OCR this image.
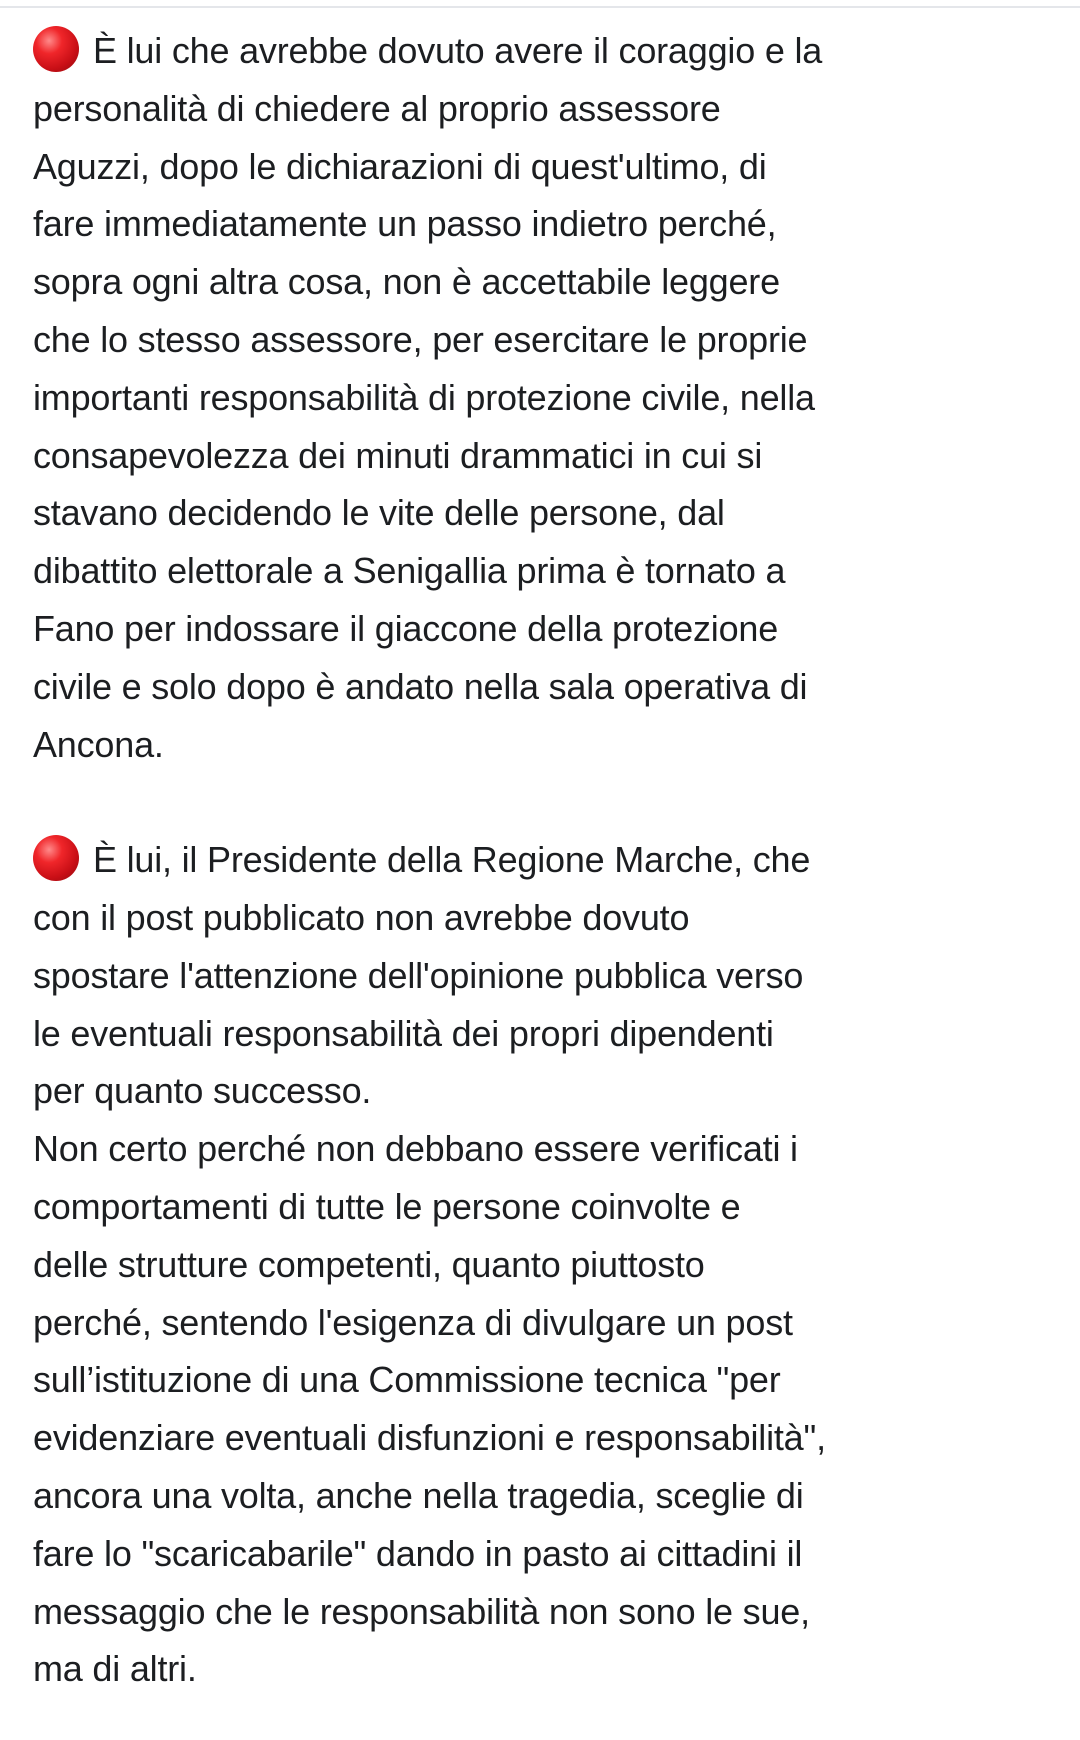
È lui che avrebbe dovuto avere il coraggio e la
personalità di chiedere al proprio assessore
Aguzzi, dopo le dichiarazioni di quest'ultimo, di
fare immediatamente un passo indietro perché,
sopra ogni altra cosa, non è accettabile leggere
che lo stesso assessore, per esercitare le proprie
importanti responsabilità di protezione civile, nella
consapevolezza dei minuti drammatici in cui si
stavano decidendo le vite delle persone, dal
dibattito elettorale a Senigallia prima è tornato a
Fano per indossare il giaccone della protezione
civile e solo dopo è andato nella sala operativa di
Ancona.
È lui, il Presidente della Regione Marche, che
con il post pubblicato non avrebbe dovuto
spostare l'attenzione dell'opinione pubblica verso
le eventuali responsabilità dei propri dipendenti
per quanto successo.
Non certo perché non debbano essere verificati i
comportamenti di tutte le persone coinvolte e
delle strutture competenti, quanto piuttosto
perché, sentendo l'esigenza di divulgare un post
sull’istituzione di una Commissione tecnica "per
evidenziare eventuali disfunzioni e responsabilità",
ancora una volta, anche nella tragedia, sceglie di
fare lo "scaricabarile" dando in pasto ai cittadini il
messaggio che le responsabilità non sono le sue,
ma di altri.
